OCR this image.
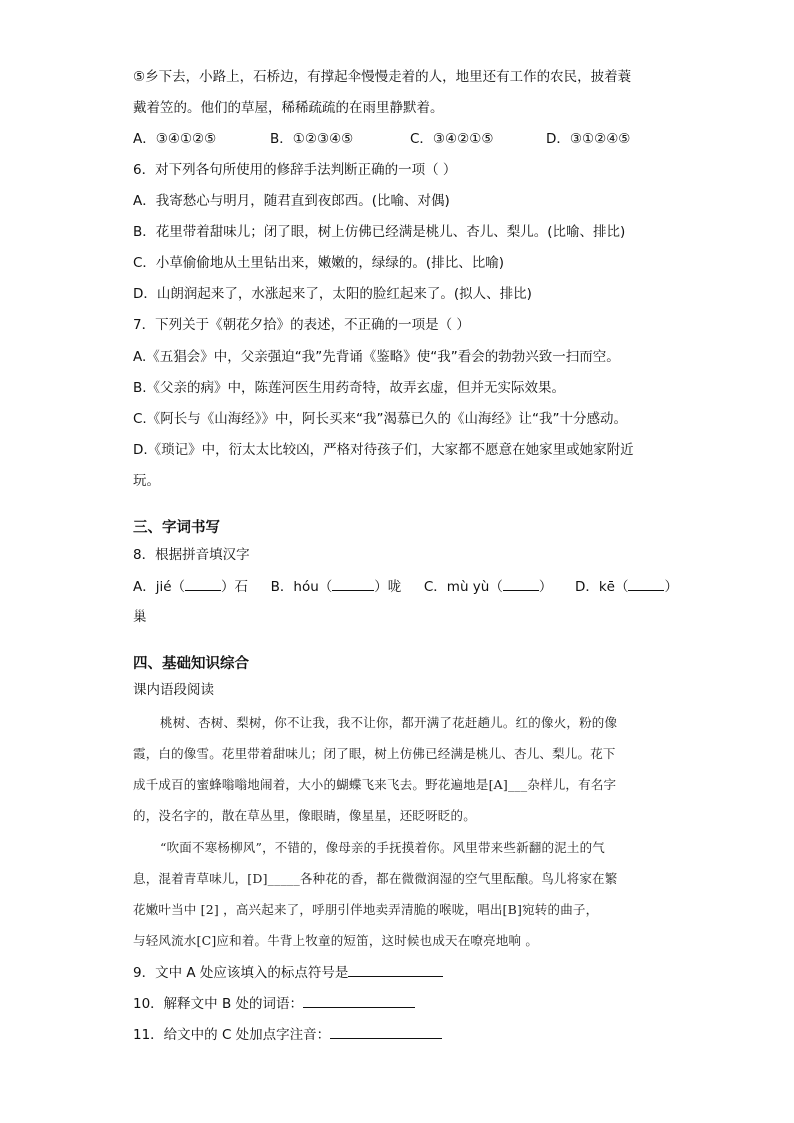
⑤乡下去，小路上，石桥边，有撑起伞慢慢走着的人，地里还有工作的农民，披着蓑
戴着笠的。他们的草屋，稀稀疏疏的在雨里静默着。
A．③④①②⑤	B．①②③④⑤	C．③④②①⑤	D．③①②④⑤
6．对下列各句所使用的修辞手法判断正确的一项（ ）
A．我寄愁心与明月，随君直到夜郎西。(比喻、对偶)
B．花里带着甜味儿；闭了眼，树上仿佛已经满是桃儿、杏儿、梨儿。(比喻、排比)
C．小草偷偷地从土里钻出来，嫩嫩的，绿绿的。(排比、比喻)
D．山朗润起来了，水涨起来了，太阳的脸红起来了。(拟人、排比)
7．下列关于《朝花夕拾》的表述，不正确的一项是（ ）
A.《五猖会》中，父亲强迫“我”先背诵《鉴略》使“我”看会的勃勃兴致一扫而空。
B.《父亲的病》中，陈莲河医生用药奇特，故弄玄虚，但并无实际效果。
C.《阿长与《山海经》》中，阿长买来“我”渴慕已久的《山海经》让“我”十分感动。
D.《琐记》中，衍太太比较凶，严格对待孩子们，大家都不愿意在她家里或她家附近
玩。
三、字词书写
8．根据拼音填汉字
A．jié（	）石 B．hóu（	）咙 C．mù yù（	） D．kē（	）
巢
四、基础知识综合
课内语段阅读
桃树、杏树、梨树，你不让我，我不让你，都开满了花赶趟儿。红的像火，粉的像
霞，白的像雪。花里带着甜味儿；闭了眼，树上仿佛已经满是桃儿、杏儿、梨儿。花下
成千成百的蜜蜂嗡嗡地闹着，大小的蝴蝶飞来飞去。野花遍地是[A]___杂样儿，有名字
的，没名字的，散在草丛里，像眼睛，像星星，还眨呀眨的。
“吹面不寒杨柳风”，不错的，像母亲的手抚摸着你。风里带来些新翻的泥土的气
息，混着青草味儿，[D]_____各种花的香，都在微微润湿的空气里酝酿。鸟儿将家在繁
花嫩叶当中 [2] ，高兴起来了，呼朋引伴地卖弄清脆的喉咙，唱出[B]宛转的曲子，
与轻风流水[C]应和着。牛背上牧童的短笛，这时候也成天在嘹亮地响 。
9．文中 A 处应该填入的标点符号是
10．解释文中 B 处的词语：
11．给文中的 C 处加点字注音：
